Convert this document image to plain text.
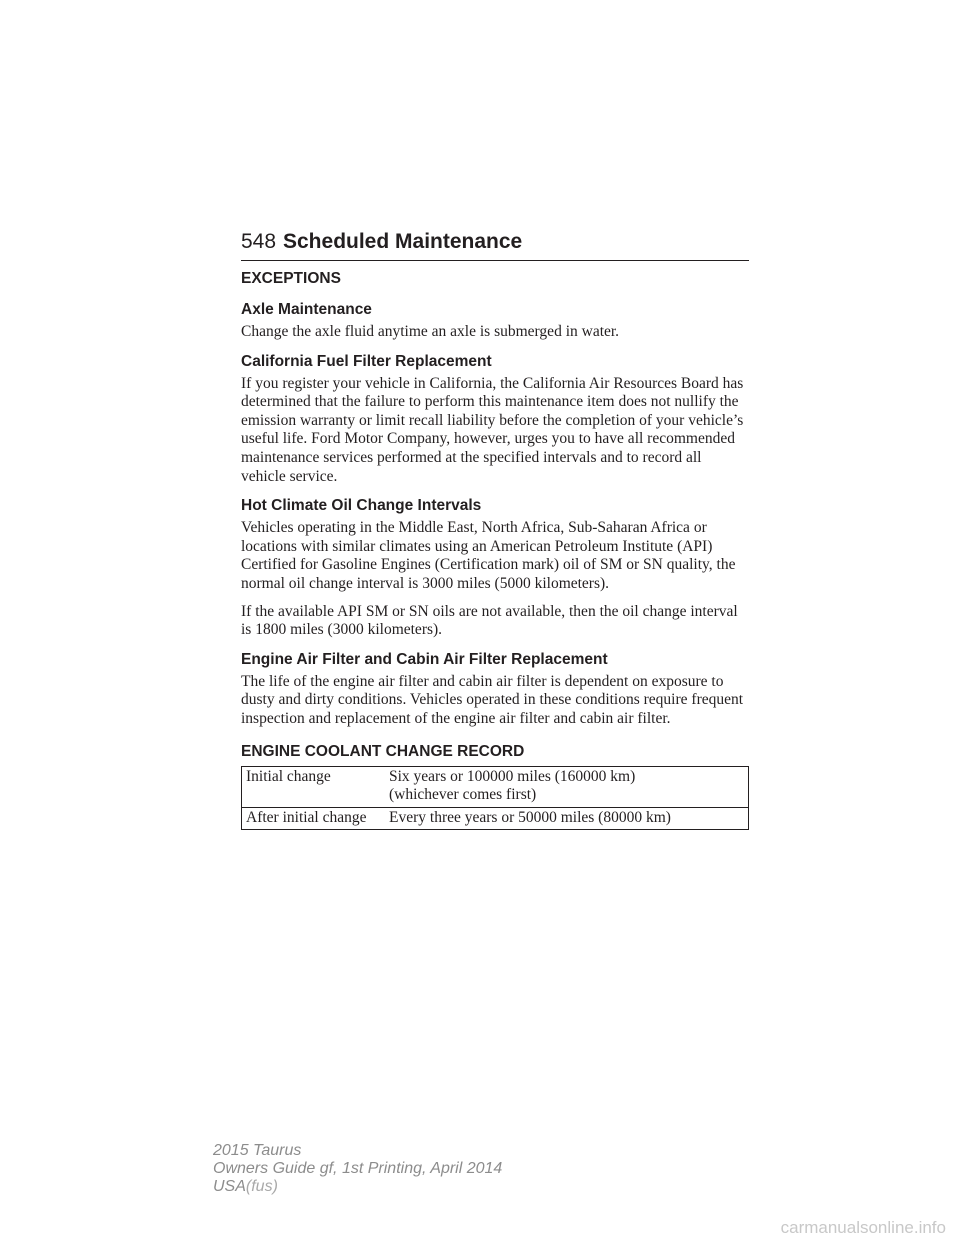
548 Scheduled Maintenance
EXCEPTIONS
Axle Maintenance

Change the axle fluid anytime an axle is submerged in water.

California Fuel Filter Replacement

If you register your vehicle in California, the California Air Resources Board has determined that the failure to perform this maintenance item does not nullify the emission warranty or limit recall liability before the completion of your vehicle’s useful life. Ford Motor Company, however, urges you to have all recommended maintenance services performed at the specified intervals and to record all vehicle service.

Hot Climate Oil Change Intervals

Vehicles operating in the Middle East, North Africa, Sub-Saharan Africa or locations with similar climates using an American Petroleum Institute (API) Certified for Gasoline Engines (Certification mark) oil of SM or SN quality, the normal oil change interval is 3000 miles (5000 kilometers).

If the available API SM or SN oils are not available, then the oil change interval is 1800 miles (3000 kilometers).

Engine Air Filter and Cabin Air Filter Replacement

The life of the engine air filter and cabin air filter is dependent on exposure to dusty and dirty conditions. Vehicles operated in these conditions require frequent inspection and replacement of the engine air filter and cabin air filter.

ENGINE COOLANT CHANGE RECORD
Initial change	Six years or 100000 miles (160000 km)
(whichever comes first)

After initial change	Every three years or 50000 miles (80000 km)
2015 Taurus
Owners Guide gf, 1st Printing, April 2014
USA(fus)
carmanualsonline.info
